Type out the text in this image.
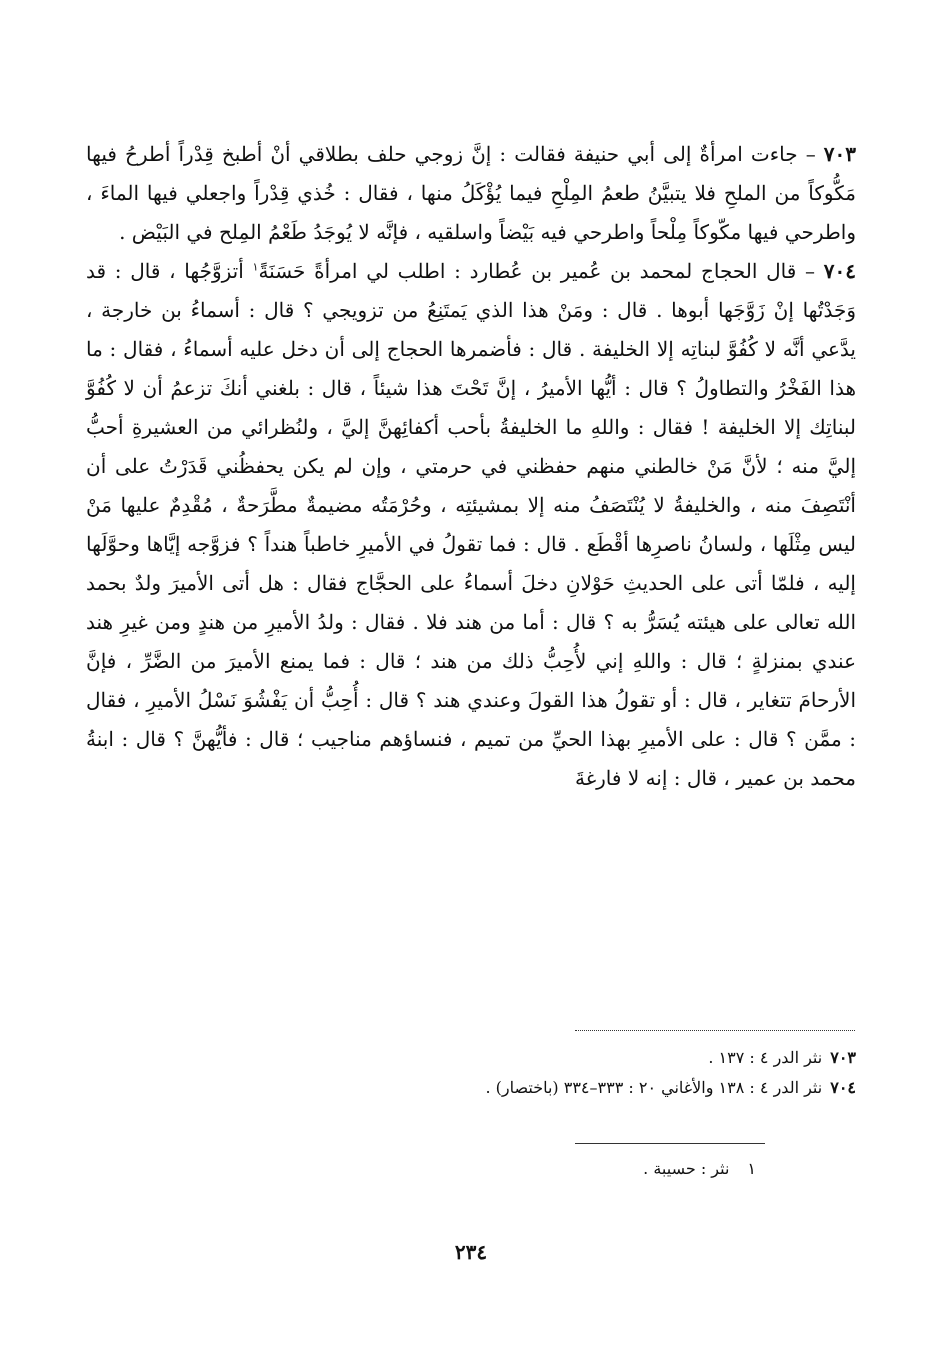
٧٠٣ – جاءت امرأةٌ إلى أبي حنيفة فقالت : إنَّ زوجي حلف بطلاقي أنْ أطبخ قِدْراً أطرحُ فيها مَكُّوكاً من الملحِ فلا يتبيَّنُ طعمُ المِلْحِ فيما يُؤْكَلُ منها ، فقال : خُذي قِدْراً واجعلي فيها الماءَ ، واطرحي فيها مكّوكاً مِلْحاً واطرحي فيه بَيْضاً واسلقيه ، فإنَّه لا يُوجَدُ طَعْمُ المِلح في البَيْض .

٧٠٤ – قال الحجاج لمحمد بن عُمير بن عُطارد : اطلب لي امرأةً حَسَنَةً$^١$ أتزوَّجُها ، قال : قد وَجَدْتُها إنْ زَوَّجَها أبوها . قال : ومَنْ هذا الذي يَمتَنِعُ من تزويجي ؟ قال : أسماءُ بن خارجة ، يدَّعي أنَّه لا كُفُوَّ لبناتِه إلا الخليفة . قال : فأضمرها الحجاج إلى أن دخل عليه أسماءُ ، فقال : ما هذا الفَخْرُ والتطاولُ ؟ قال : أيُّها الأميرُ ، إنَّ تَحْتَ هذا شيئاً ، قال : بلغني أنكَ تزعمُ أن لا كُفُوَّ لبناتِك إلا الخليفة ! فقال : واللهِ ما الخليفةُ بأحب أكفائِهنَّ إليَّ ، ولنُظرائي من العشيرةِ أحبُّ إليَّ منه ؛ لأنَّ مَنْ خالطني منهم حفظني في حرمتي ، وإن لم يكن يحفظُني قَدَرْتُ على أن أنْتَصِفَ منه ، والخليفةُ لا يُنْتَصَفُ منه إلا بمشيئتِه ، وحُرْمَتُه مضيمةٌ مطَّرَحةٌ ، مُقْدِمٌ عليها مَنْ ليس مِثْلَها ، ولسانُ ناصرِها أقْطَع . قال : فما تقولُ في الأميرِ خاطباً هنداً ؟ فزوَّجه إيَّاها وحوَّلَها إليه ، فلمّا أتى على الحديثِ حَوْلانِ دخلَ أسماءُ على الحجَّاج فقال : هل أتى الأميرَ ولدٌ بحمد الله تعالى على هيئته يُسَرُّ به ؟ قال : أما من هند فلا . فقال : ولدُ الأميرِ من هندٍ ومن غيرِ هند عندي بمنزلةٍ ؛ قال : واللهِ إني لأُحِبُّ ذلك من هند ؛ قال : فما يمنع الأميرَ من الضَّرِّ ، فإنَّ الأرحامَ تتغاير ، قال : أو تقولُ هذا القولَ وعندي هند ؟ قال : أُحِبُّ أن يَفْشُوَ نَسْلُ الأميرِ ، فقال : ممَّن ؟ قال : على الأميرِ بهذا الحيِّ من تميم ، فنساؤهم مناجيب ؛ قال : فأيُّهنَّ ؟ قال : ابنةُ محمد بن عمير ، قال : إنه لا فارغةَ

٧٠٣نثر الدر ٤ : ١٣٧ .
٧٠٤نثر الدر ٤ : ١٣٨ والأغاني ٢٠ : ٣٣٣–٣٣٤ (باختصار) .
١نثر : حسيبة .
٢٣٤
